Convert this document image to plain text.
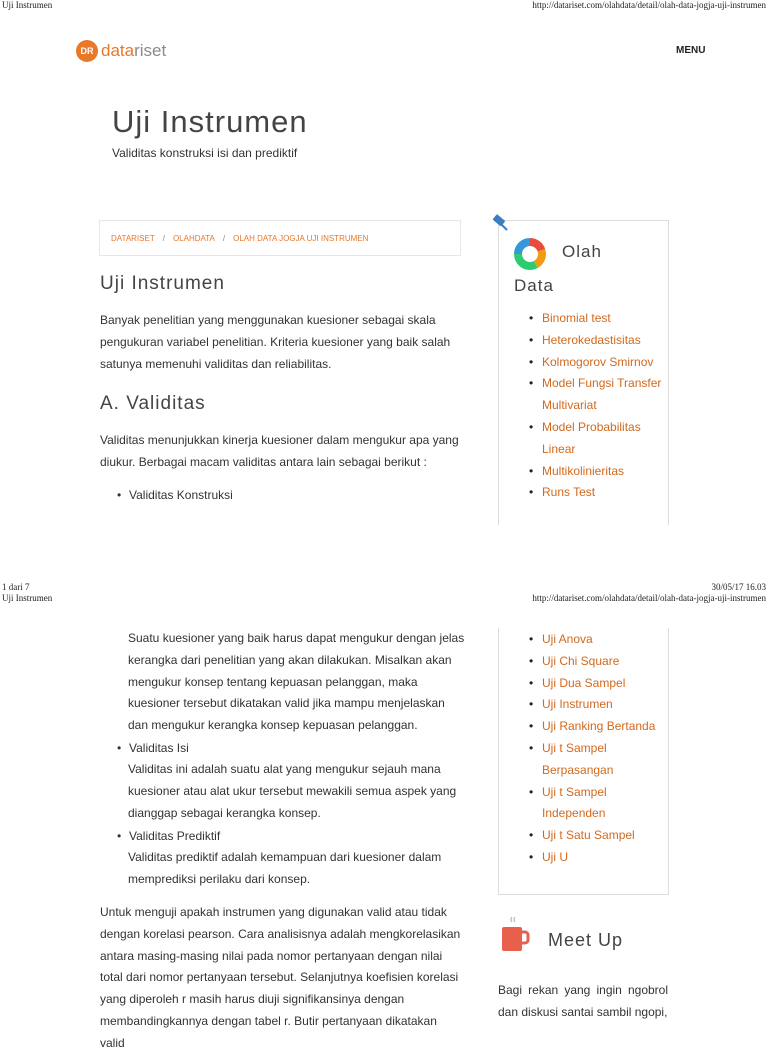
Uji Instrumen	http://datariset.com/olahdata/detail/olah-data-jogja-uji-instrumen
1 dari 7	30/05/17 16.03
Uji Instrumen	http://datariset.com/olahdata/detail/olah-data-jogja-uji-instrumen
DR datariset	MENU
Uji Instrumen
Validitas konstruksi isi dan prediktif
DATARISET / OLAHDATA / OLAH DATA JOGJA UJI INSTRUMEN
Uji Instrumen
Banyak penelitian yang menggunakan kuesioner sebagai skala pengukuran variabel penelitian. Kriteria kuesioner yang baik salah satunya memenuhi validitas dan reliabilitas.
A. Validitas
Validitas menunjukkan kinerja kuesioner dalam mengukur apa yang diukur. Berbagai macam validitas antara lain sebagai berikut :
• Validitas Konstruksi
Suatu kuesioner yang baik harus dapat mengukur dengan jelas kerangka dari penelitian yang akan dilakukan. Misalkan akan mengukur konsep tentang kepuasan pelanggan, maka kuesioner tersebut dikatakan valid jika mampu menjelaskan dan mengukur kerangka konsep kepuasan pelanggan.
• Validitas Isi
Validitas ini adalah suatu alat yang mengukur sejauh mana kuesioner atau alat ukur tersebut mewakili semua aspek yang dianggap sebagai kerangka konsep.
• Validitas Prediktif
Validitas prediktif adalah kemampuan dari kuesioner dalam memprediksi perilaku dari konsep.
Untuk menguji apakah instrumen yang digunakan valid atau tidak dengan korelasi pearson. Cara analisisnya adalah mengkorelasikan antara masing-masing nilai pada nomor pertanyaan dengan nilai total dari nomor pertanyaan tersebut. Selanjutnya koefisien korelasi yang diperoleh r masih harus diuji signifikansinya dengan membandingkannya dengan tabel r. Butir pertanyaan dikatakan valid
Olah
Data
• Binomial test
• Heterokedastisitas
• Kolmogorov Smirnov
• Model Fungsi Transfer Multivariat
• Model Probabilitas Linear
• Multikolinieritas
• Runs Test
• Uji Anova
• Uji Chi Square
• Uji Dua Sampel
• Uji Instrumen
• Uji Ranking Bertanda
• Uji t Sampel Berpasangan
• Uji t Sampel Independen
• Uji t Satu Sampel
• Uji U
Meet Up
Bagi rekan yang ingin ngobrol dan diskusi santai sambil ngopi,
